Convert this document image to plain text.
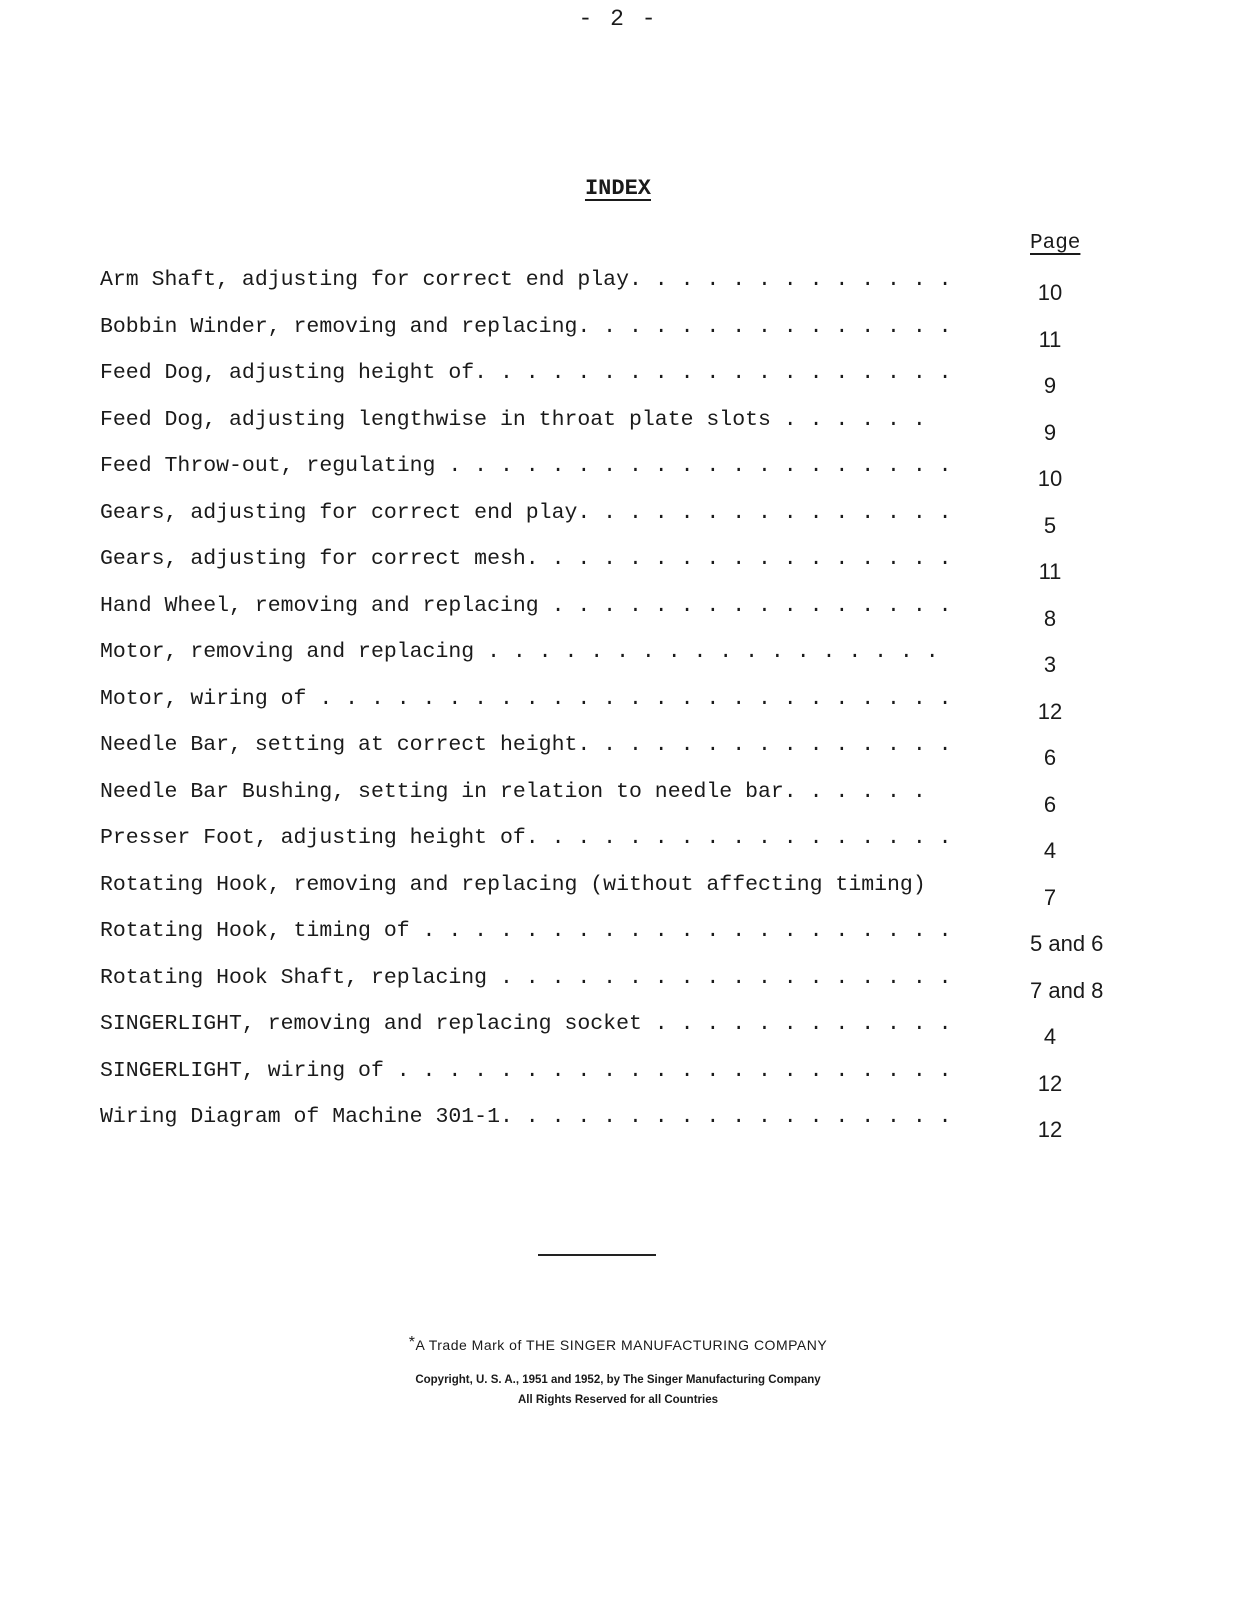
- 2 -
INDEX
Page
Arm Shaft, adjusting for correct end play. . . . . . . . . . . . .	10
Bobbin Winder, removing and replacing. . . . . . . . . . . . . . .	11
Feed Dog, adjusting height of. . . . . . . . . . . . . . . . . . .	9
Feed Dog, adjusting lengthwise in throat plate slots . . . . . .	9
Feed Throw-out, regulating . . . . . . . . . . . . . . . . . . . .	10
Gears, adjusting for correct end play. . . . . . . . . . . . . . .	5
Gears, adjusting for correct mesh. . . . . . . . . . . . . . . . .	11
Hand Wheel, removing and replacing . . . . . . . . . . . . . . . .	8
Motor, removing and replacing . . . . . . . . . . . . . . . . . .	3
Motor, wiring of . . . . . . . . . . . . . . . . . . . . . . . . .	12
Needle Bar, setting at correct height. . . . . . . . . . . . . . .	6
Needle Bar Bushing, setting in relation to needle bar. . . . . .	6
Presser Foot, adjusting height of. . . . . . . . . . . . . . . . .	4
Rotating Hook, removing and replacing (without affecting timing)	7
Rotating Hook, timing of . . . . . . . . . . . . . . . . . . . . .	5 and 6
Rotating Hook Shaft, replacing . . . . . . . . . . . . . . . . . .	7 and 8
SINGERLIGHT, removing and replacing socket . . . . . . . . . . . .	4
SINGERLIGHT, wiring of . . . . . . . . . . . . . . . . . . . . . .	12
Wiring Diagram of Machine 301-1. . . . . . . . . . . . . . . . . .	12
*A Trade Mark of THE SINGER MANUFACTURING COMPANY
Copyright, U. S. A., 1951 and 1952, by The Singer Manufacturing Company
All Rights Reserved for all Countries
